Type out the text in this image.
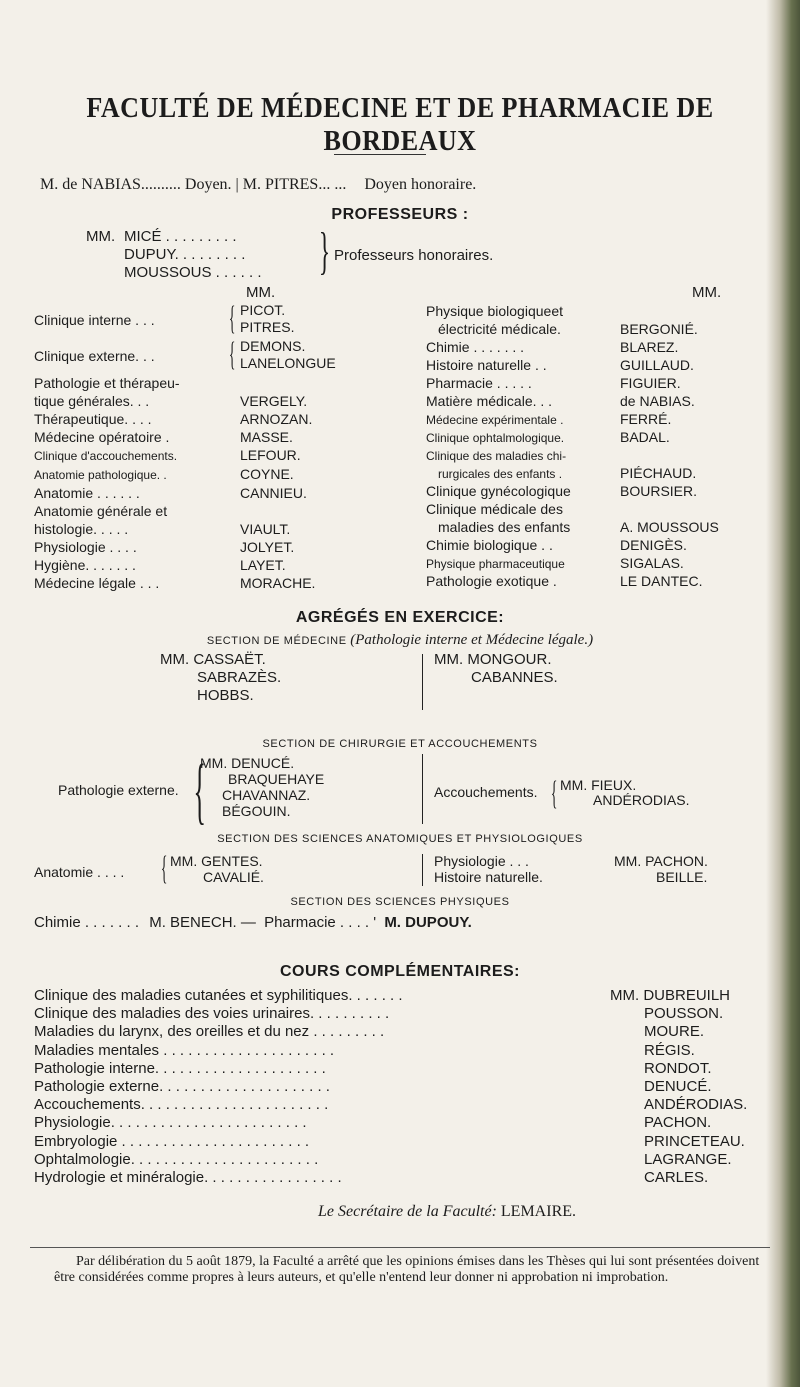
FACULTÉ DE MÉDECINE ET DE PHARMACIE DE BORDEAUX
M. de NABIAS.......... Doyen. | M. PITRES... ... Doyen honoraire.
PROFESSEURS :
MM. MICÉ . . . . . . . . .
DUPUY. . . . . . . . .
MOUSSOUS . . . . . . } Professeurs honoraires.
MM.	MM.
Clinique interne . . . { PICOT.
PITRES.
Clinique externe. . . { DEMONS.
LANELONGUE
Pathologie et thérapeu-
tique générales. . .	VERGELY.
Thérapeutique. . . .	ARNOZAN.
Médecine opératoire .	MASSE.
Clinique d'accouchements.	LEFOUR.
Anatomie pathologique. .	COYNE.
Anatomie . . . . . .	CANNIEU.
Anatomie générale et
histologie. . . . .	VIAULT.
Physiologie . . . .	JOLYET.
Hygiène. . . . . . .	LAYET.
Médecine légale . . .	MORACHE.
Physique biologiqueet
électricité médicale.	BERGONIÉ.
Chimie . . . . . . .	BLAREZ.
Histoire naturelle . .	GUILLAUD.
Pharmacie . . . . .	FIGUIER.
Matière médicale. . .	de NABIAS.
Médecine expérimentale .	FERRÉ.
Clinique ophtalmologique.	BADAL.
Clinique des maladies chi-
rurgicales des enfants .	PIÉCHAUD.
Clinique gynécologique	BOURSIER.
Clinique médicale des
maladies des enfants	A. MOUSSOUS
Chimie biologique . .	DENIGÈS.
Physique pharmaceutique	SIGALAS.
Pathologie exotique .	LE DANTEC.
AGRÉGÉS EN EXERCICE:
SECTION DE MÉDECINE (Pathologie interne et Médecine légale.)
MM. CASSAËT.
SABRAZÈS.
HOBBS.
MM. MONGOUR.
CABANNES.
SECTION DE CHIRURGIE ET ACCOUCHEMENTS
Pathologie externe. {
MM. DENUCÉ.
BRAQUEHAYE
CHAVANNAZ.
BÉGOUIN.
Accouchements. { MM. FIEUX.
ANDÉRODIAS.
SECTION DES SCIENCES ANATOMIQUES ET PHYSIOLOGIQUES
Anatomie . . . . { MM. GENTES.
CAVALIÉ.
Physiologie . . .	MM. PACHON.
Histoire naturelle.	BEILLE.
SECTION DES SCIENCES PHYSIQUES
Chimie . . . . . . . M. BENECH. — Pharmacie . . . . ' M. DUPOUY.
COURS COMPLÉMENTAIRES:
Clinique des maladies cutanées et syphilitiques. . . . . . .	MM. DUBREUILH
Clinique des maladies des voies urinaires. . . . . . . . . .	POUSSON.
Maladies du larynx, des oreilles et du nez . . . . . . . . .	MOURE.
Maladies mentales . . . . . . . . . . . . . . . . . . . . .	RÉGIS.
Pathologie interne. . . . . . . . . . . . . . . . . . . . .	RONDOT.
Pathologie externe. . . . . . . . . . . . . . . . . . . . .	DENUCÉ.
Accouchements. . . . . . . . . . . . . . . . . . . . . . .	ANDÉRODIAS.
Physiologie. . . . . . . . . . . . . . . . . . . . . . . .	PACHON.
Embryologie . . . . . . . . . . . . . . . . . . . . . . .	PRINCETEAU.
Ophtalmologie. . . . . . . . . . . . . . . . . . . . . . .	LAGRANGE.
Hydrologie et minéralogie. . . . . . . . . . . . . . . . .	CARLES.
Le Secrétaire de la Faculté: LEMAIRE.
Par délibération du 5 août 1879, la Faculté a arrêté que les opinions émises dans les Thèses qui lui sont présentées doivent être considérées comme propres à leurs auteurs, et qu'elle n'entend leur donner ni approbation ni improbation.
